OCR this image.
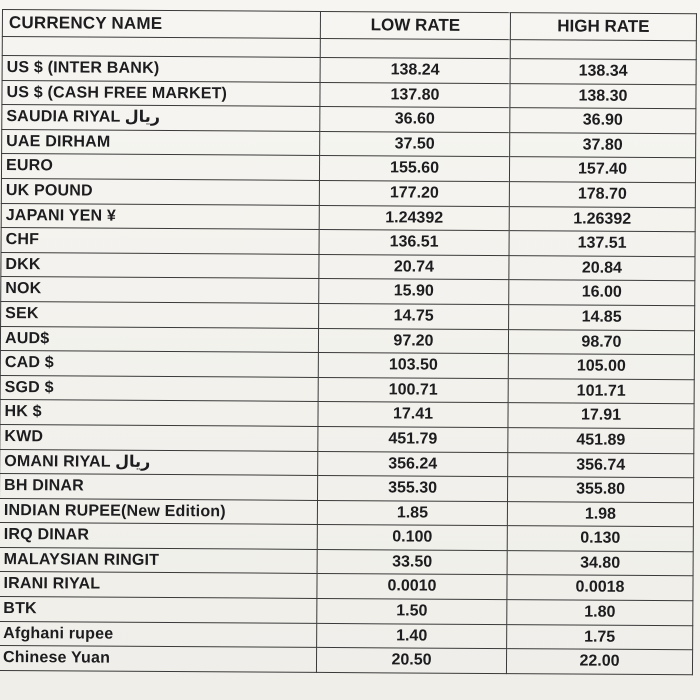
CURRENCY NAME	LOW RATE	HIGH RATE

US $ (INTER BANK)	138.24	138.34
US $ (CASH FREE MARKET)	137.80	138.30
SAUDIA RIYAL ریال	36.60	36.90
UAE DIRHAM	37.50	37.80
EURO	155.60	157.40
UK POUND	177.20	178.70
JAPANI YEN ¥	1.24392	1.26392
CHF	136.51	137.51
DKK	20.74	20.84
NOK	15.90	16.00
SEK	14.75	14.85
AUD$	97.20	98.70
CAD $	103.50	105.00
SGD $	100.71	101.71
HK $	17.41	17.91
KWD	451.79	451.89
OMANI RIYAL ریال	356.24	356.74
BH DINAR	355.30	355.80
INDIAN RUPEE(New Edition)	1.85	1.98
IRQ DINAR	0.100	0.130
MALAYSIAN RINGIT	33.50	34.80
IRANI RIYAL	0.0010	0.0018
BTK	1.50	1.80
Afghani rupee	1.40	1.75
Chinese Yuan	20.50	22.00
